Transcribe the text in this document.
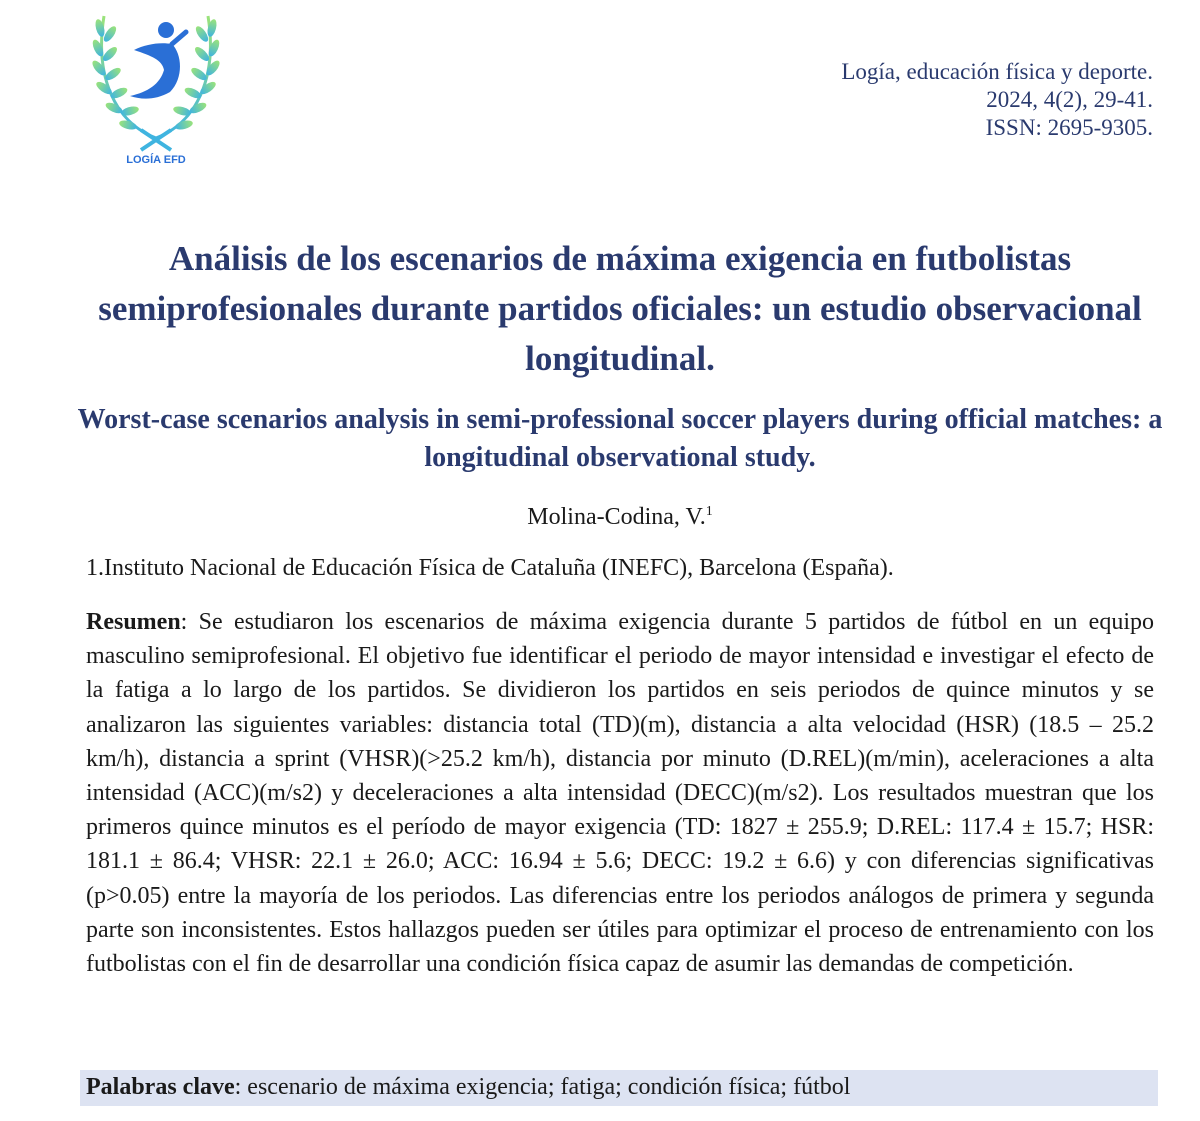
LOGÍA EFD
Logía, educación física y deporte.
2024, 4(2), 29-41.
ISSN: 2695-9305.
Análisis de los escenarios de máxima exigencia en futbolistas semiprofesionales durante partidos oficiales: un estudio observacional longitudinal.
Worst-case scenarios analysis in semi-professional soccer players during official matches: a longitudinal observational study.
Molina-Codina, V.$^1$
1.Instituto Nacional de Educación Física de Cataluña (INEFC), Barcelona (España).
Resumen: Se estudiaron los escenarios de máxima exigencia durante 5 partidos de fútbol en un equipo masculino semiprofesional. El objetivo fue identificar el periodo de mayor intensidad e investigar el efecto de la fatiga a lo largo de los partidos. Se dividieron los partidos en seis periodos de quince minutos y se analizaron las siguientes variables: distancia total (TD)(m), distancia a alta velocidad (HSR) (18.5 – 25.2 km/h), distancia a sprint (VHSR)(>25.2 km/h), distancia por minuto (D.REL)(m/min), aceleraciones a alta intensidad (ACC)(m/s2) y deceleraciones a alta intensidad (DECC)(m/s2). Los resultados muestran que los primeros quince minutos es el período de mayor exigencia (TD: 1827 ± 255.9; D.REL: 117.4 ± 15.7; HSR: 181.1 ± 86.4; VHSR: 22.1 ± 26.0; ACC: 16.94 ± 5.6; DECC: 19.2 ± 6.6) y con diferencias significativas (p>0.05) entre la mayoría de los periodos. Las diferencias entre los periodos análogos de primera y segunda parte son inconsistentes. Estos hallazgos pueden ser útiles para optimizar el proceso de entrenamiento con los futbolistas con el fin de desarrollar una condición física capaz de asumir las demandas de competición.
Palabras clave: escenario de máxima exigencia; fatiga; condición física; fútbol
